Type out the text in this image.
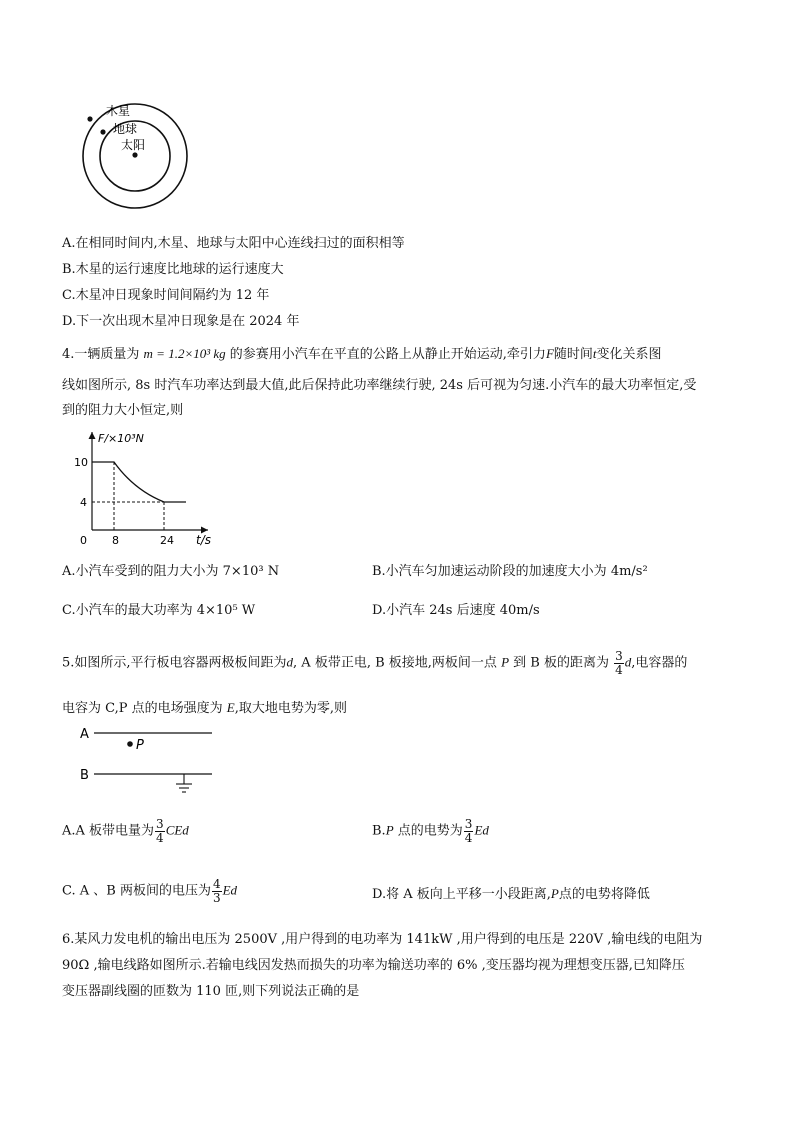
木星
地球
太阳
A.在相同时间内,木星、地球与太阳中心连线扫过的面积相等
B.木星的运行速度比地球的运行速度大
C.木星冲日现象时间间隔约为 12 年
D.下一次出现木星冲日现象是在 2024 年
4.一辆质量为 m = 1.2×10³ kg 的参赛用小汽车在平直的公路上从静止开始运动,牵引力F随时间t变化关系图
线如图所示, 8s 时汽车功率达到最大值,此后保持此功率继续行驶, 24s 后可视为匀速.小汽车的最大功率恒定,受
到的阻力大小恒定,则
F/×10³N
t/s
0
10
4
8	24
A.小汽车受到的阻力大小为 7×10³ N	B.小汽车匀加速运动阶段的加速度大小为 4m/s²
C.小汽车的最大功率为 4×10⁵ W	D.小汽车 24s 后速度 40m/s
5.如图所示,平行板电容器两极板间距为d, A 板带正电, B 板接地,两板间一点 P 到 B 板的距离为 $\frac{3}{4} d$,电容器的
电容为 C,P 点的电场强度为 E,取大地电势为零,则
A
P
B
A.A 板带电量为 $\frac{3}{4}$ CEd	B.P 点的电势为 $\frac{3}{4}$ Ed
C. A 、B 两板间的电压为 $\frac{4}{3}$ Ed	D.将 A 板向上平移一小段距离,P点的电势将降低
6.某风力发电机的输出电压为 2500V ,用户得到的电功率为 141kW ,用户得到的电压是 220V ,输电线的电阻为
90Ω ,输电线路如图所示.若输电线因发热而损失的功率为输送功率的 6% ,变压器均视为理想变压器,已知降压
变压器副线圈的匝数为 110 匝,则下列说法正确的是
